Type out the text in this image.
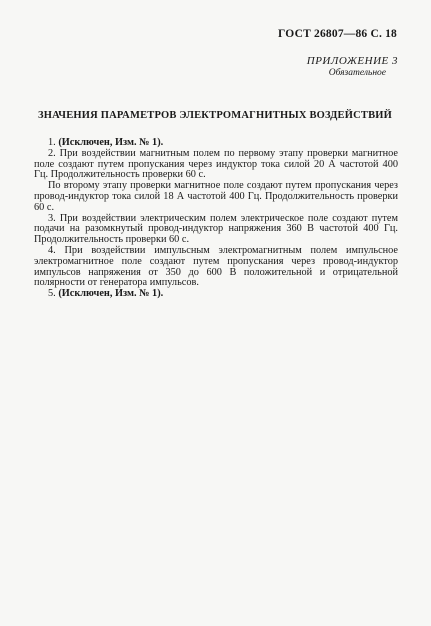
ГОСТ 26807—86 С. 18
ПРИЛОЖЕНИЕ 3
Обязательное
ЗНАЧЕНИЯ ПАРАМЕТРОВ ЭЛЕКТРОМАГНИТНЫХ ВОЗДЕЙСТВИЙ

1. (Исключен, Изм. № 1).

2. При воздействии магнитным полем по первому этапу проверки магнитное поле создают путем пропускания через индуктор тока силой 20 А частотой 400 Гц. Продолжительность проверки 60 с.

По второму этапу проверки магнитное поле создают путем пропускания через провод-индуктор тока силой 18 А частотой 400 Гц. Продолжительность проверки 60 с.

3. При воздействии электрическим полем электрическое поле создают путем подачи на разомкнутый провод-индуктор напряжения 360 В частотой 400 Гц. Продолжительность проверки 60 с.

4. При воздействии импульсным электромагнитным полем импульсное электромагнитное поле создают путем пропускания через провод-индуктор импульсов напряжения от 350 до 600 В положительной и отрицательной полярности от генератора импульсов.

5. (Исключен, Изм. № 1).
